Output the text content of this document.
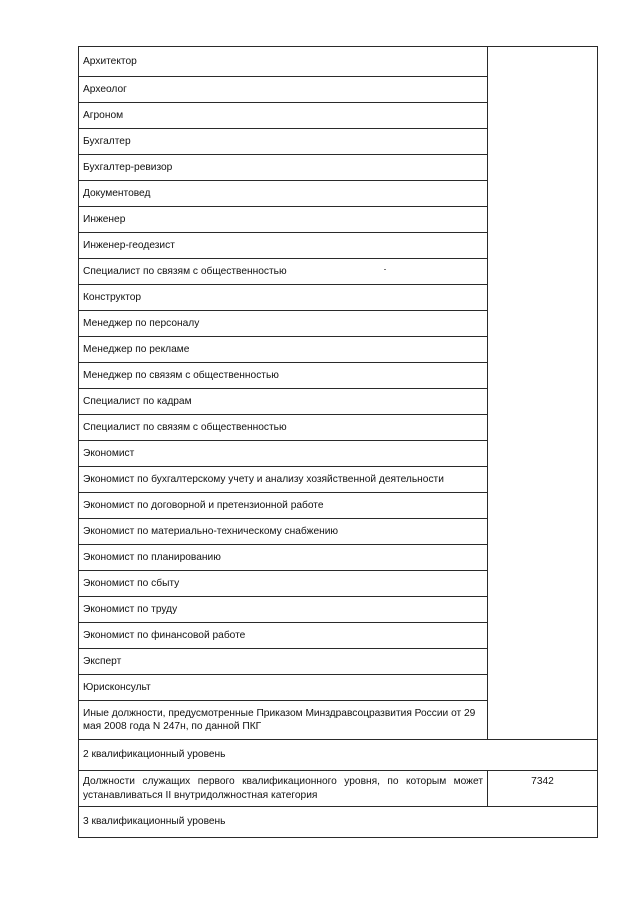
Архитектор	
Археолог	
Агроном	
Бухгалтер	
Бухгалтер-ревизор	
Документовед	
Инженер	
Инженер-геодезист	
Специалист по связям с общественностью	
Конструктор	
Менеджер по персоналу	
Менеджер по рекламе	
Менеджер по связям с общественностью	
Специалист по кадрам	
Специалист по связям с общественностью	
Экономист	
Экономист по бухгалтерскому учету и анализу хозяйственной деятельности	
Экономист по договорной и претензионной работе	
Экономист по материально-техническому снабжению	
Экономист по планированию	
Экономист по сбыту	
Экономист по труду	
Экономист по финансовой работе	
Эксперт	
Юрисконсульт	
Иные должности, предусмотренные Приказом Минздравсоцразвития России от 29 мая 2008 года N 247н, по данной ПКГ	
2 квалификационный уровень	
Должности служащих первого квалификационного уровня, по которым может устанавливаться II внутридолжностная категория	7342
3 квалификационный уровень	
